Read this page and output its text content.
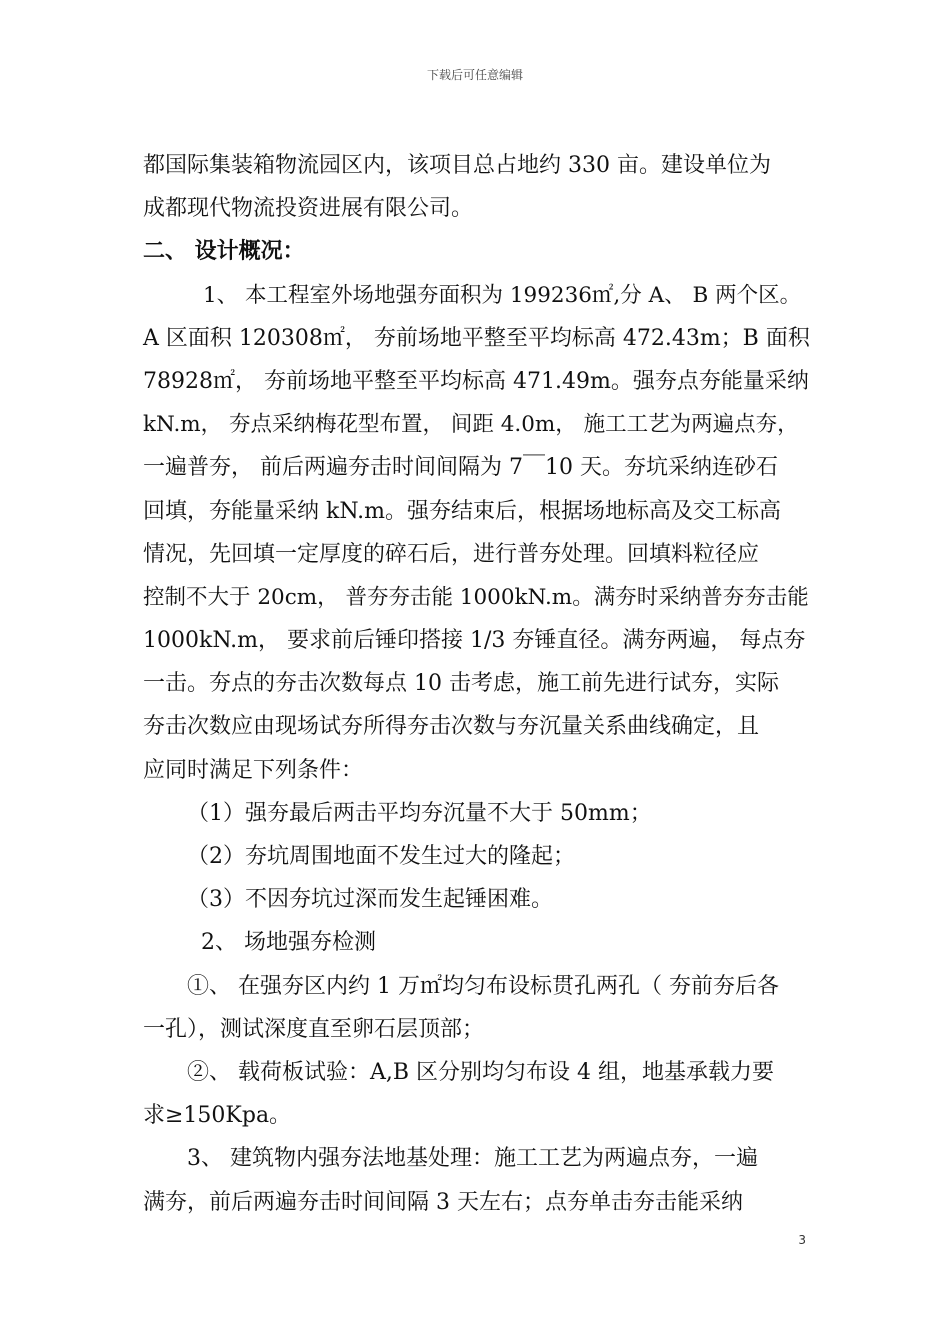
下载后可任意编辑
都国际集装箱物流园区内，该项目总占地约 330 亩。建设单位为
成都现代物流投资进展有限公司。
二、 设计概况：
1、 本工程室外场地强夯面积为 199236㎡,分 A、 B 两个区。
A 区面积 120308㎡， 夯前场地平整至平均标高 472.43m；B 面积
78928㎡， 夯前场地平整至平均标高 471.49m。强夯点夯能量采纳
kN.m， 夯点采纳梅花型布置， 间距 4.0m， 施工工艺为两遍点夯，
一遍普夯， 前后两遍夯击时间间隔为 7￣10 天。夯坑采纳连砂石
回填，夯能量采纳 kN.m。强夯结束后，根据场地标高及交工标高
情况，先回填一定厚度的碎石后，进行普夯处理。回填料粒径应
控制不大于 20cm， 普夯夯击能 1000kN.m。满夯时采纳普夯夯击能
1000kN.m， 要求前后锤印搭接 1/3 夯锤直径。满夯两遍， 每点夯
一击。夯点的夯击次数每点 10 击考虑，施工前先进行试夯，实际
夯击次数应由现场试夯所得夯击次数与夯沉量关系曲线确定，且
应同时满足下列条件：
（1）强夯最后两击平均夯沉量不大于 50mm；
（2）夯坑周围地面不发生过大的隆起；
（3）不因夯坑过深而发生起锤困难。
2、 场地强夯检测
①、 在强夯区内约 1 万㎡均匀布设标贯孔两孔（ 夯前夯后各
一孔），测试深度直至卵石层顶部；
②、 载荷板试验：A,B 区分别均匀布设 4 组，地基承载力要
求≥150Kpa。
3、 建筑物内强夯法地基处理：施工工艺为两遍点夯，一遍
满夯，前后两遍夯击时间间隔 3 天左右；点夯单击夯击能采纳
3
